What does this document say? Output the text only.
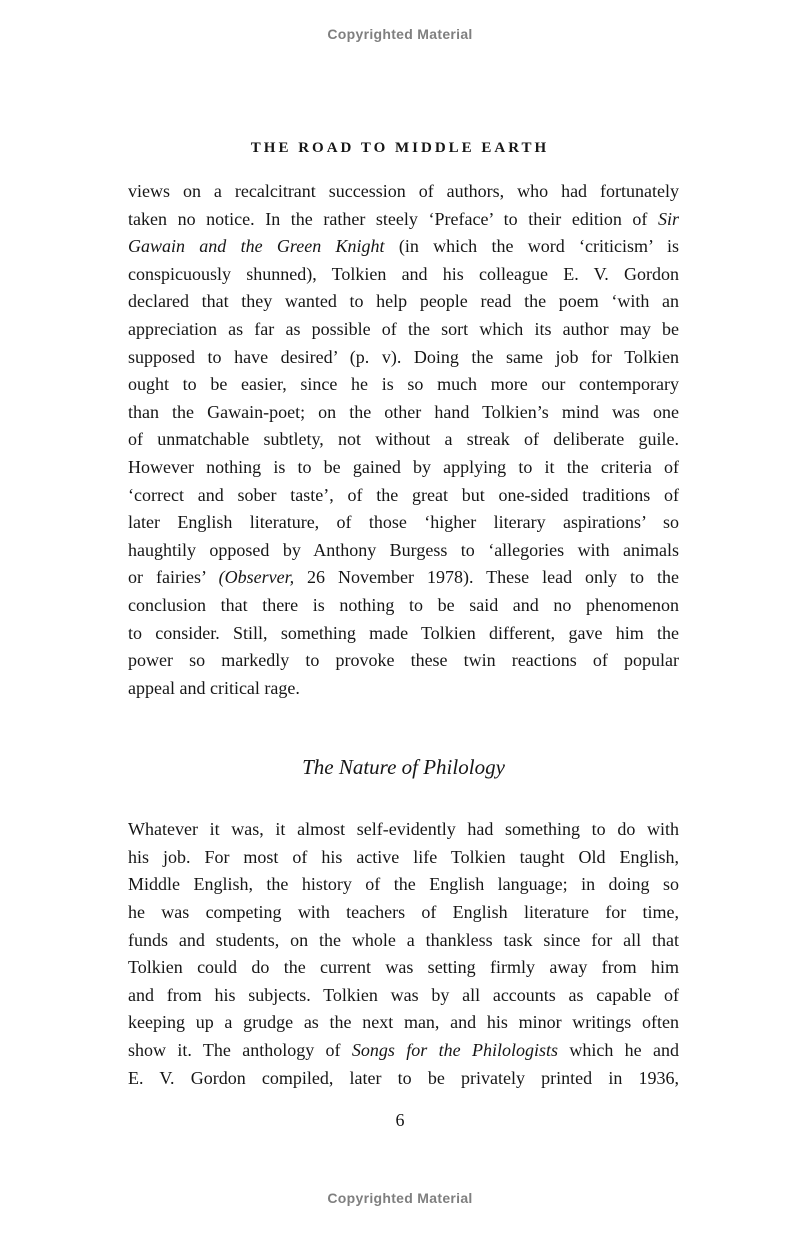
Copyrighted Material
THE ROAD TO MIDDLE EARTH
views on a recalcitrant succession of authors, who had fortunately
taken no notice. In the rather steely ‘Preface’ to their edition of Sir
Gawain and the Green Knight (in which the word ‘criticism’ is
conspicuously shunned), Tolkien and his colleague E. V. Gordon
declared that they wanted to help people read the poem ‘with an
appreciation as far as possible of the sort which its author may be
supposed to have desired’ (p. v). Doing the same job for Tolkien
ought to be easier, since he is so much more our contemporary
than the Gawain-poet; on the other hand Tolkien’s mind was one
of unmatchable subtlety, not without a streak of deliberate guile.
However nothing is to be gained by applying to it the criteria of
‘correct and sober taste’, of the great but one-sided traditions of
later English literature, of those ‘higher literary aspirations’ so
haughtily opposed by Anthony Burgess to ‘allegories with animals
or fairies’ (Observer, 26 November 1978). These lead only to the
conclusion that there is nothing to be said and no phenomenon
to consider. Still, something made Tolkien different, gave him the
power so markedly to provoke these twin reactions of popular
appeal and critical rage.
The Nature of Philology
Whatever it was, it almost self-evidently had something to do with
his job. For most of his active life Tolkien taught Old English,
Middle English, the history of the English language; in doing so
he was competing with teachers of English literature for time,
funds and students, on the whole a thankless task since for all that
Tolkien could do the current was setting firmly away from him
and from his subjects. Tolkien was by all accounts as capable of
keeping up a grudge as the next man, and his minor writings often
show it. The anthology of Songs for the Philologists which he and
E. V. Gordon compiled, later to be privately printed in 1936,
6
Copyrighted Material
